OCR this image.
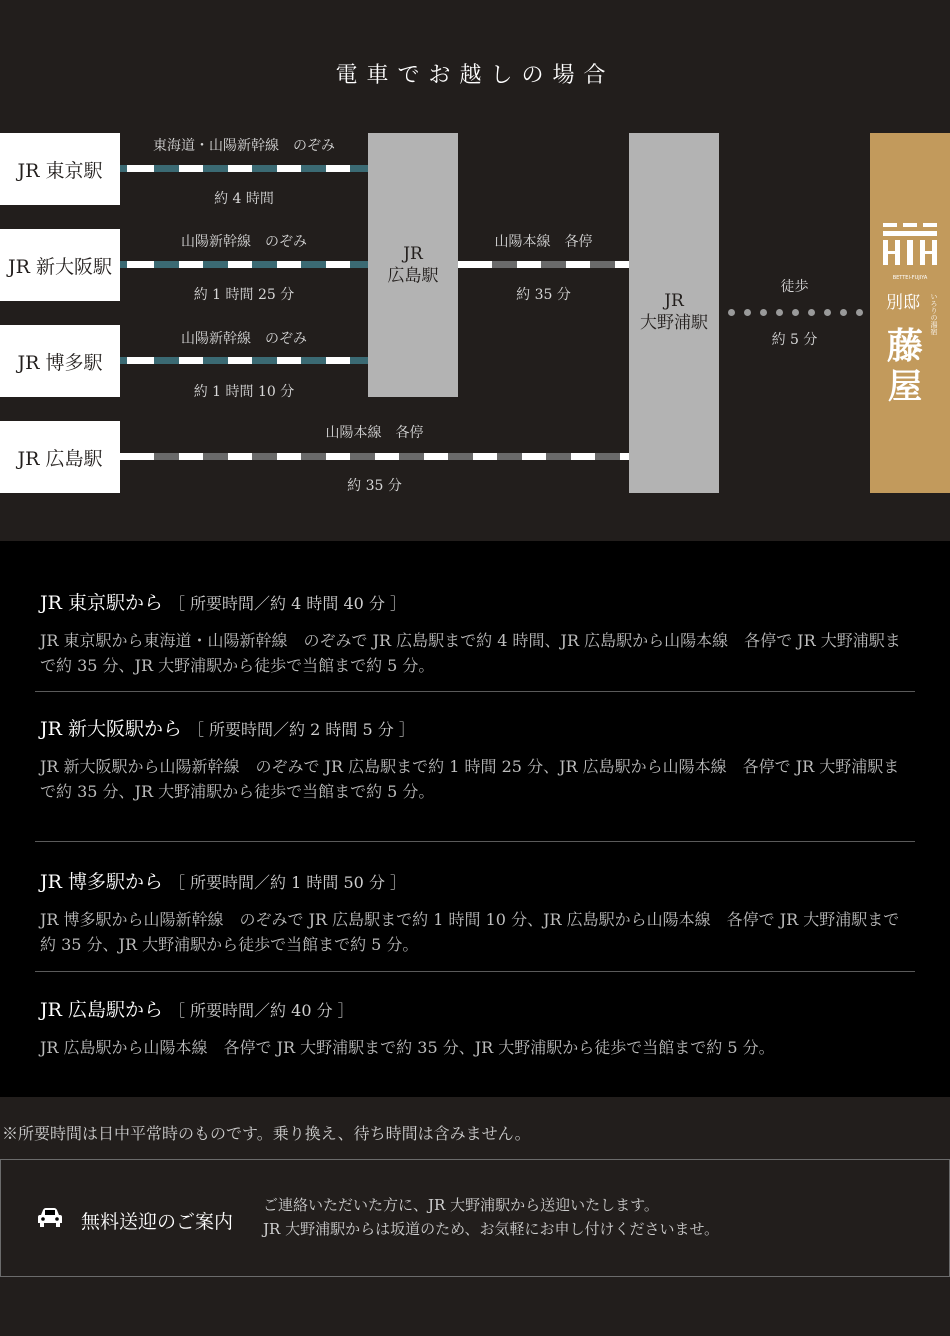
電車でお越しの場合
JR 東京駅
JR 新大阪駅
JR 博多駅
JR 広島駅
JR
広島駅
JR
大野浦駅
東海道・山陽新幹線　のぞみ
約 4 時間
山陽新幹線　のぞみ
約 1 時間 25 分
山陽新幹線　のぞみ
約 1 時間 10 分
山陽本線　各停
約 35 分
山陽本線　各停
約 35 分
徒歩
約 5 分
BETTEI-FUJIYA
別邸 いろりの湯宿
藤
屋
JR 東京駅から ［ 所要時間／約 4 時間 40 分 ］
JR 東京駅から東海道・山陽新幹線　のぞみで JR 広島駅まで約 4 時間、JR 広島駅から山陽本線　各停で JR 大野浦駅まで約 35 分、JR 大野浦駅から徒歩で当館まで約 5 分。
JR 新大阪駅から ［ 所要時間／約 2 時間 5 分 ］
JR 新大阪駅から山陽新幹線　のぞみで JR 広島駅まで約 1 時間 25 分、JR 広島駅から山陽本線　各停で JR 大野浦駅まで約 35 分、JR 大野浦駅から徒歩で当館まで約 5 分。
JR 博多駅から ［ 所要時間／約 1 時間 50 分 ］
JR 博多駅から山陽新幹線　のぞみで JR 広島駅まで約 1 時間 10 分、JR 広島駅から山陽本線　各停で JR 大野浦駅まで約 35 分、JR 大野浦駅から徒歩で当館まで約 5 分。
JR 広島駅から ［ 所要時間／約 40 分 ］
JR 広島駅から山陽本線　各停で JR 大野浦駅まで約 35 分、JR 大野浦駅から徒歩で当館まで約 5 分。
※所要時間は日中平常時のものです。乗り換え、待ち時間は含みません。
無料送迎のご案内
ご連絡いただいた方に、JR 大野浦駅から送迎いたします。
JR 大野浦駅からは坂道のため、お気軽にお申し付けくださいませ。
